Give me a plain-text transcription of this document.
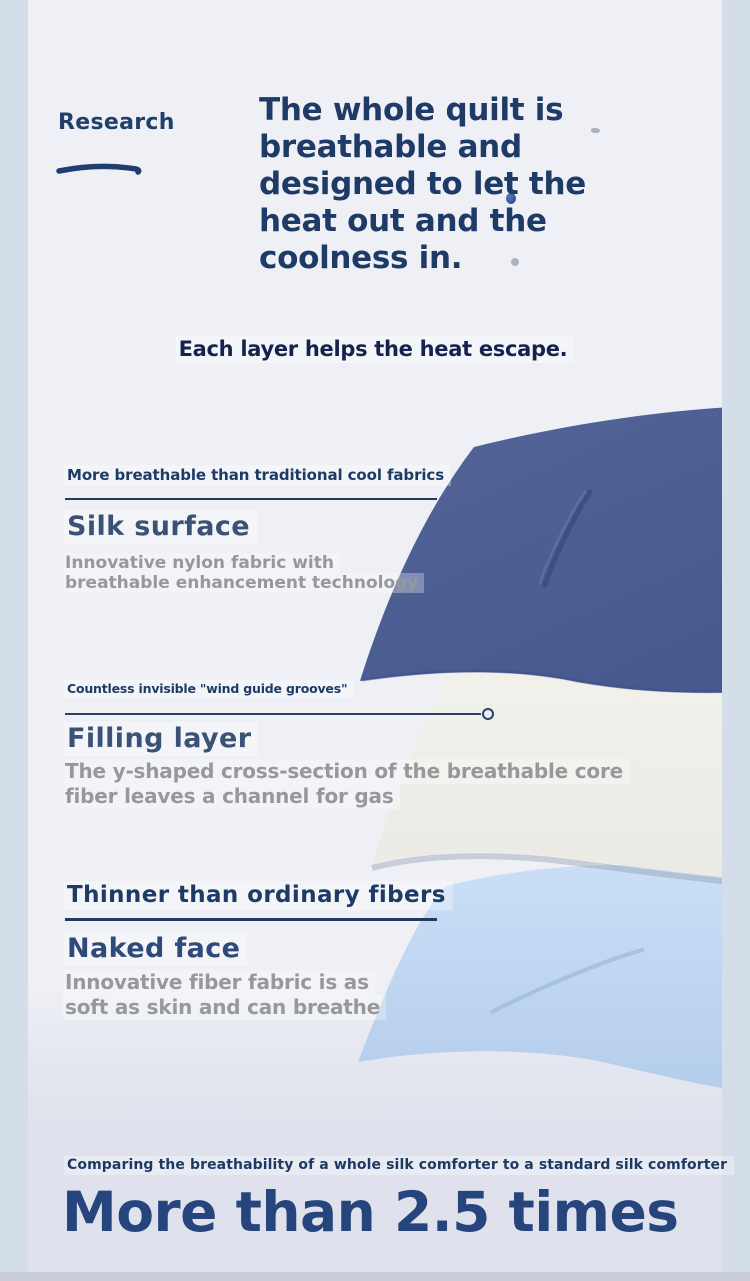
Research	The whole quilt is
breathable and
designed to let the
heat out and the
coolness in.
Each layer helps the heat escape.
More breathable than traditional cool fabrics
Silk surface
Innovative nylon fabric with
breathable enhancement technology
Countless invisible "wind guide grooves"
Filling layer
The y-shaped cross-section of the breathable core
fiber leaves a channel for gas
Thinner than ordinary fibers
Naked face
Innovative fiber fabric is as
soft as skin and can breathe
Comparing the breathability of a whole silk comforter to a standard silk comforter
More than 2.5 times
